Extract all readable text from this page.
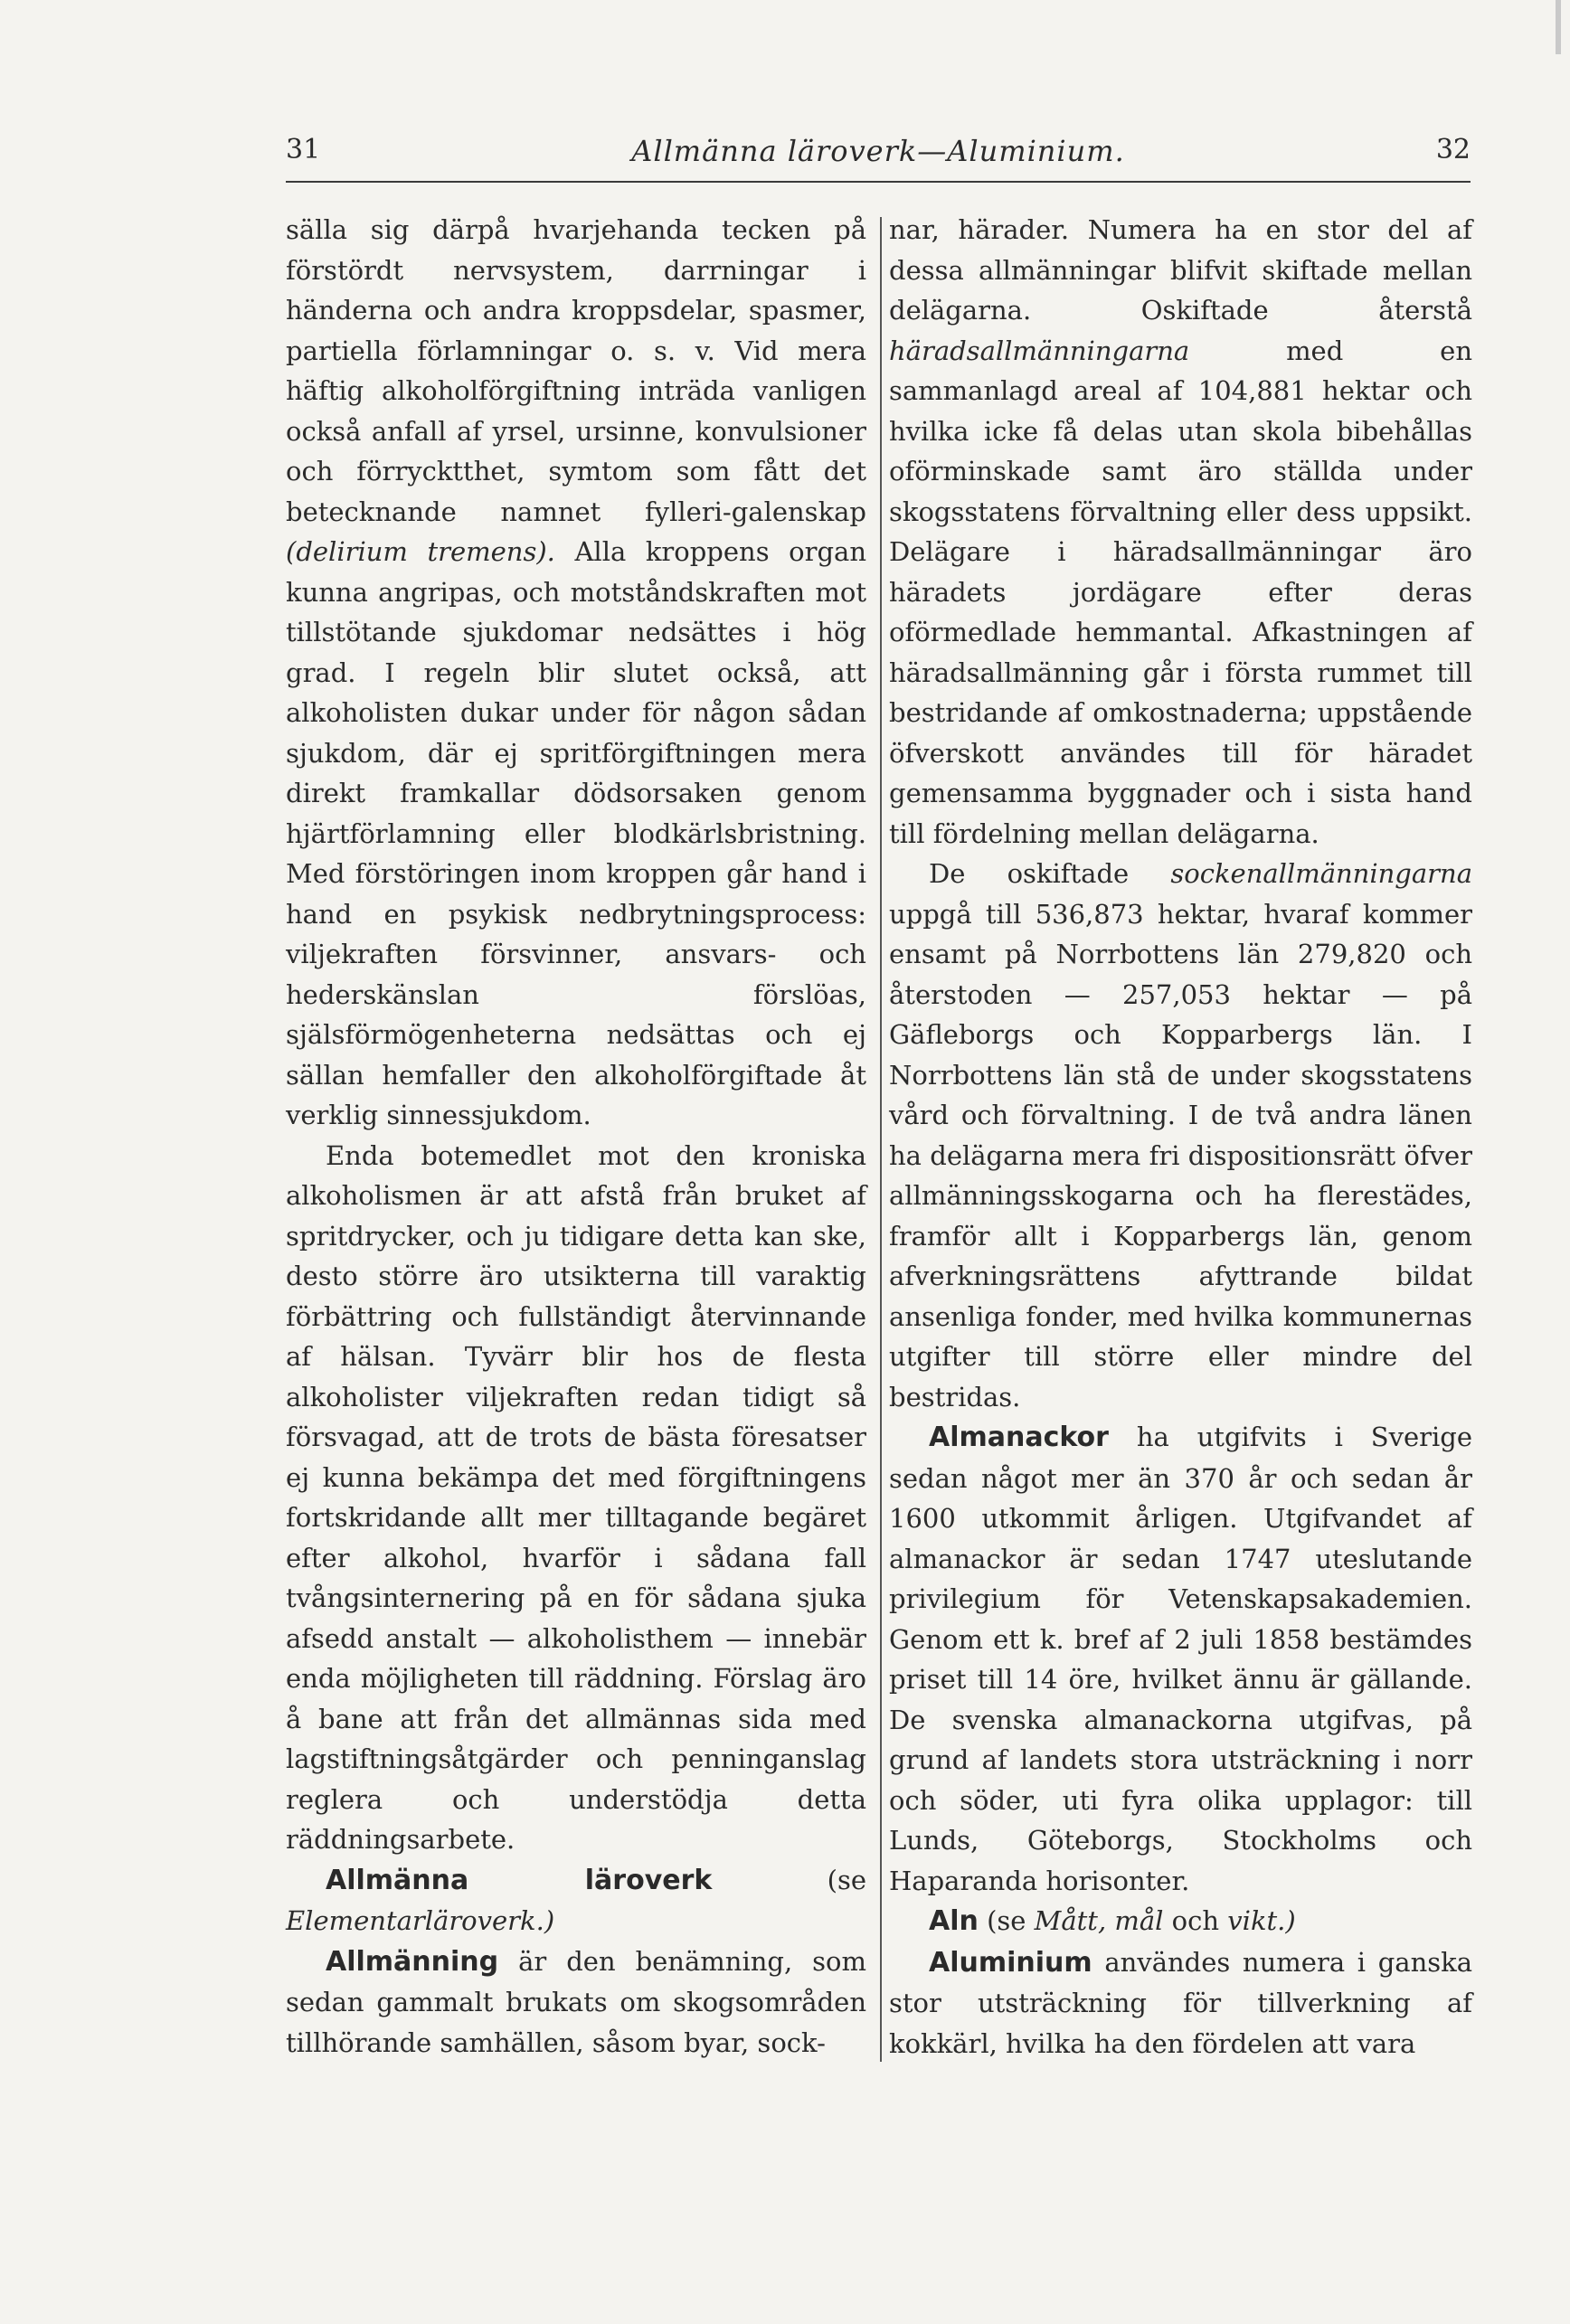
31	Allmänna läroverk—Aluminium.	32

sälla sig därpå hvarjehanda tecken på förstördt nervsystem, darrningar i händerna och andra kroppsdelar, spasmer, partiella förlamningar o. s. v. Vid mera häftig alkoholförgiftning inträda vanligen också anfall af yrsel, ursinne, konvulsioner och förrycktthet, symtom som fått det betecknande namnet fylleri-galenskap (delirium tremens). Alla kroppens organ kunna angripas, och motståndskraften mot tillstötande sjukdomar nedsättes i hög grad. I regeln blir slutet också, att alkoholisten dukar under för någon sådan sjukdom, där ej spritförgiftningen mera direkt framkallar dödsorsaken genom hjärtförlamning eller blodkärlsbristning. Med förstöringen inom kroppen går hand i hand en psykisk nedbrytningsprocess: viljekraften försvinner, ansvars- och hederskänslan förslöas, själsförmögenheterna nedsättas och ej sällan hemfaller den alkoholförgiftade åt verklig sinnessjukdom.

Enda botemedlet mot den kroniska alkoholismen är att afstå från bruket af spritdrycker, och ju tidigare detta kan ske, desto större äro utsikterna till varaktig förbättring och fullständigt återvinnande af hälsan. Tyvärr blir hos de flesta alkoholister viljekraften redan tidigt så försvagad, att de trots de bästa föresatser ej kunna bekämpa det med förgiftningens fortskridande allt mer tilltagande begäret efter alkohol, hvarför i sådana fall tvångsinternering på en för sådana sjuka afsedd anstalt — alkoholisthem — innebär enda möjligheten till räddning. Förslag äro å bane att från det allmännas sida med lagstiftningsåtgärder och penninganslag reglera och understödja detta räddningsarbete.

Allmänna läroverk	(se Elementarläroverk.)

Allmänning är den benämning, som sedan gammalt brukats om skogsområden tillhörande samhällen, såsom byar, sock-

nar, härader. Numera ha en stor del af dessa allmänningar blifvit skiftade mellan delägarna. Oskiftade återstå häradsallmänningarna	med en sammanlagd areal af 104,881 hektar och hvilka icke få delas utan skola bibehållas oförminskade samt äro ställda under skogsstatens förvaltning eller dess uppsikt. Delägare i häradsallmänningar äro häradets jordägare efter deras oförmedlade hemmantal. Afkastningen af häradsallmänning går i första rummet till bestridande af omkostnaderna; uppstående öfverskott användes till för häradet gemensamma byggnader och i sista hand till fördelning mellan delägarna.

De oskiftade sockenallmänningarna uppgå till 536,873 hektar, hvaraf kommer ensamt på Norrbottens län 279,820 och återstoden — 257,053 hektar — på Gäfleborgs och Kopparbergs län. I Norrbottens län stå de under skogsstatens vård och förvaltning. I de två andra länen ha delägarna mera fri dispositionsrätt öfver allmänningsskogarna och ha flerestädes, framför allt i Kopparbergs län, genom afverkningsrättens afyttrande bildat ansenliga fonder, med hvilka kommunernas utgifter till större eller mindre del bestridas.

Almanackor ha utgifvits i Sverige sedan något mer än 370 år och sedan år 1600 utkommit årligen. Utgifvandet af almanackor är sedan 1747 uteslutande privilegium för Vetenskapsakademien. Genom ett k. bref af 2 juli 1858 bestämdes priset till 14 öre, hvilket ännu är gällande. De svenska almanackorna utgifvas, på grund af landets stora utsträckning i norr och söder, uti fyra olika upplagor: till Lunds, Göteborgs, Stockholms och Haparanda horisonter.

Aln (se Mått, mål och vikt.)

Aluminium användes numera i ganska stor utsträckning för tillverkning af kokkärl, hvilka ha den fördelen att vara
